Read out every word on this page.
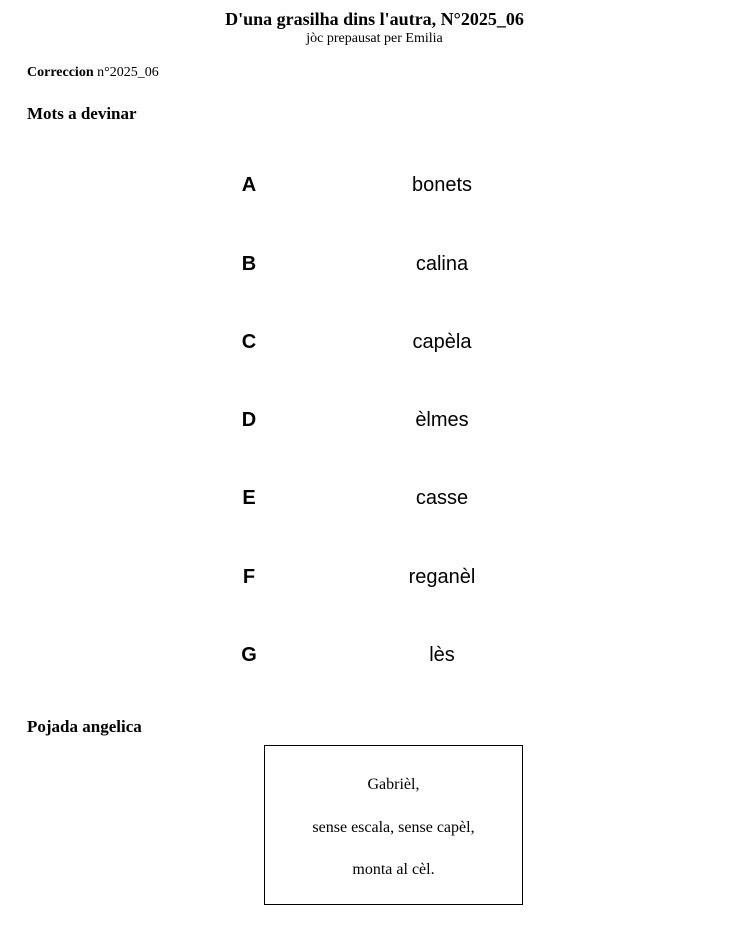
D'una grasilha dins l'autra, N°2025_06
jòc prepausat per Emilia
Correccion n°2025_06
Mots a devinar
A	bonets
B	calina
C	capèla
D	èlmes
E	casse
F	reganèl
G	lès
Pojada angelica
Gabrièl,
sense escala, sense capèl,
monta al cèl.
